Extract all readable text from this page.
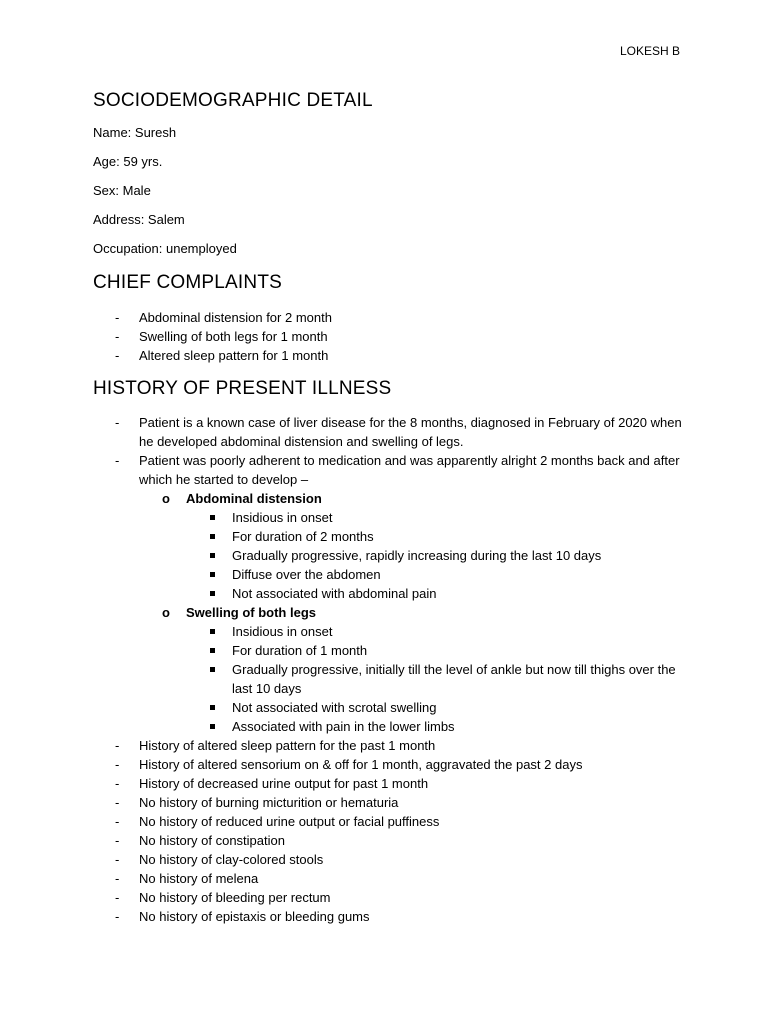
LOKESH B
SOCIODEMOGRAPHIC DETAIL

Name: Suresh

Age: 59 yrs.

Sex: Male

Address: Salem

Occupation: unemployed

CHIEF COMPLAINTS
- Abdominal distension for 2 month
- Swelling of both legs for 1 month
- Altered sleep pattern for 1 month
HISTORY OF PRESENT ILLNESS
- Patient is a known case of liver disease for the 8 months, diagnosed in February of 2020 when he developed abdominal distension and swelling of legs.
- Patient was poorly adherent to medication and was apparently alright 2 months back and after which he started to develop –
o Abdominal distension
Insidious in onset
For duration of 2 months
Gradually progressive, rapidly increasing during the last 10 days
Diffuse over the abdomen
Not associated with abdominal pain
o Swelling of both legs
Insidious in onset
For duration of 1 month
Gradually progressive, initially till the level of ankle but now till thighs over the last 10 days
Not associated with scrotal swelling
Associated with pain in the lower limbs
- History of altered sleep pattern for the past 1 month
- History of altered sensorium on & off for 1 month, aggravated the past 2 days
- History of decreased urine output for past 1 month
- No history of burning micturition or hematuria
- No history of reduced urine output or facial puffiness
- No history of constipation
- No history of clay-colored stools
- No history of melena
- No history of bleeding per rectum
- No history of epistaxis or bleeding gums
